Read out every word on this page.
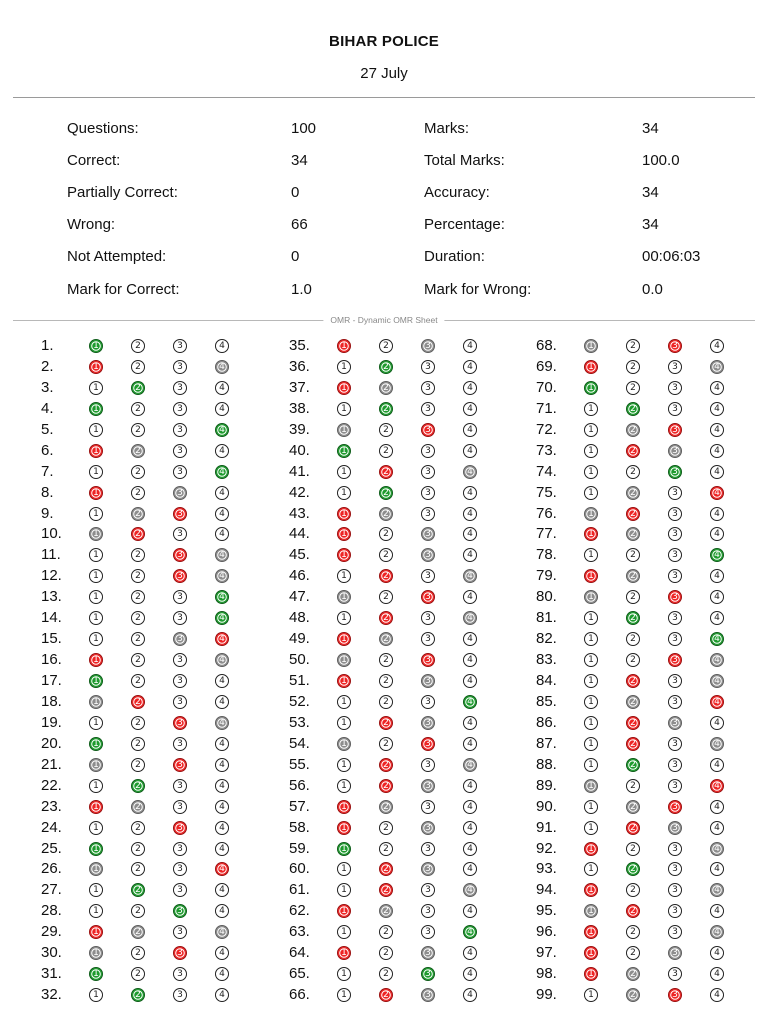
BIHAR POLICE
27 July
Questions:	100
Correct:	34
Partially Correct:	0
Wrong:	66
Not Attempted:	0
Mark for Correct:	1.0
Marks:	34
Total Marks:	100.0
Accuracy:	34
Percentage:	34
Duration:	00:06:03
Mark for Wrong:	0.0
OMR - Dynamic OMR Sheet
1.	1	2	3	4
2.	1	2	3	4
3.	1	2	3	4
4.	1	2	3	4
5.	1	2	3	4
6.	1	2	3	4
7.	1	2	3	4
8.	1	2	3	4
9.	1	2	3	4
10.	1	2	3	4
11.	1	2	3	4
12.	1	2	3	4
13.	1	2	3	4
14.	1	2	3	4
15.	1	2	3	4
16.	1	2	3	4
17.	1	2	3	4
18.	1	2	3	4
19.	1	2	3	4
20.	1	2	3	4
21.	1	2	3	4
22.	1	2	3	4
23.	1	2	3	4
24.	1	2	3	4
25.	1	2	3	4
26.	1	2	3	4
27.	1	2	3	4
28.	1	2	3	4
29.	1	2	3	4
30.	1	2	3	4
31.	1	2	3	4
32.	1	2	3	4
35.	1	2	3	4
36.	1	2	3	4
37.	1	2	3	4
38.	1	2	3	4
39.	1	2	3	4
40.	1	2	3	4
41.	1	2	3	4
42.	1	2	3	4
43.	1	2	3	4
44.	1	2	3	4
45.	1	2	3	4
46.	1	2	3	4
47.	1	2	3	4
48.	1	2	3	4
49.	1	2	3	4
50.	1	2	3	4
51.	1	2	3	4
52.	1	2	3	4
53.	1	2	3	4
54.	1	2	3	4
55.	1	2	3	4
56.	1	2	3	4
57.	1	2	3	4
58.	1	2	3	4
59.	1	2	3	4
60.	1	2	3	4
61.	1	2	3	4
62.	1	2	3	4
63.	1	2	3	4
64.	1	2	3	4
65.	1	2	3	4
66.	1	2	3	4
68.	1	2	3	4
69.	1	2	3	4
70.	1	2	3	4
71.	1	2	3	4
72.	1	2	3	4
73.	1	2	3	4
74.	1	2	3	4
75.	1	2	3	4
76.	1	2	3	4
77.	1	2	3	4
78.	1	2	3	4
79.	1	2	3	4
80.	1	2	3	4
81.	1	2	3	4
82.	1	2	3	4
83.	1	2	3	4
84.	1	2	3	4
85.	1	2	3	4
86.	1	2	3	4
87.	1	2	3	4
88.	1	2	3	4
89.	1	2	3	4
90.	1	2	3	4
91.	1	2	3	4
92.	1	2	3	4
93.	1	2	3	4
94.	1	2	3	4
95.	1	2	3	4
96.	1	2	3	4
97.	1	2	3	4
98.	1	2	3	4
99.	1	2	3	4
